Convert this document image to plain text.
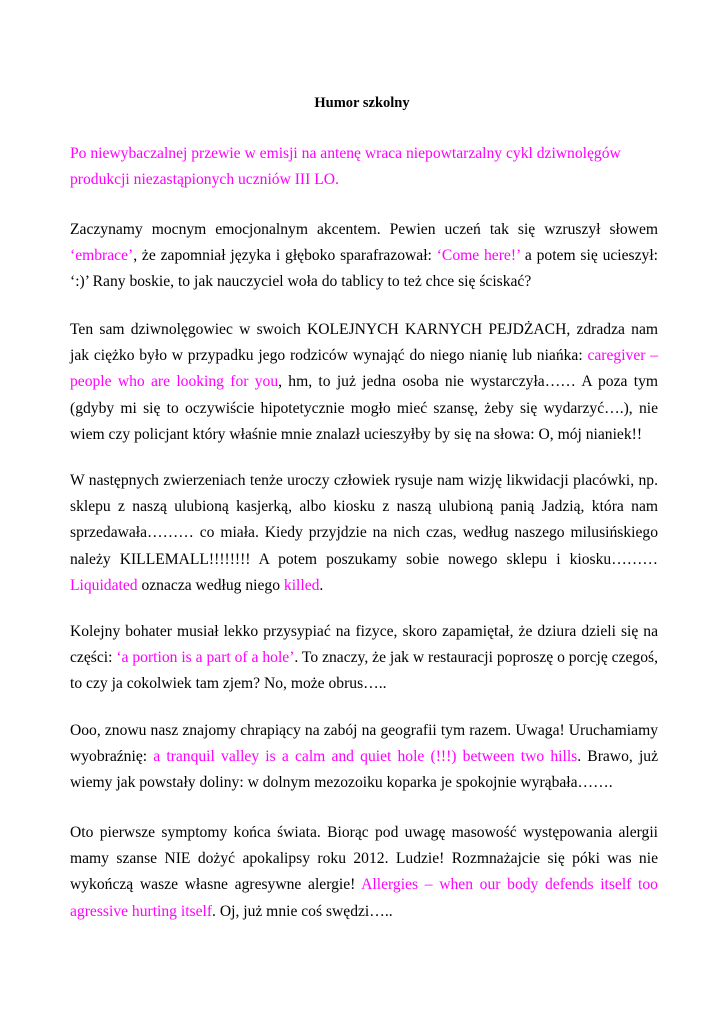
Humor szkolny

Po niewybaczalnej przewie w emisji na antenę wraca niepowtarzalny cykl dziwnolęgów produkcji niezastąpionych uczniów III LO.

Zaczynamy mocnym emocjonalnym akcentem. Pewien uczeń tak się wzruszył słowem ‘embrace’, że zapomniał języka i głęboko sparafrazował: ‘Come here!’ a potem się ucieszył: ‘:)’ Rany boskie, to jak nauczyciel woła do tablicy to też chce się ściskać?

Ten sam dziwnolęgowiec w swoich KOLEJNYCH KARNYCH PEJDŻACH, zdradza nam jak ciężko było w przypadku jego rodziców wynająć do niego nianię lub niańka: caregiver – people who are looking for you, hm, to już jedna osoba nie wystarczyła…… A poza tym (gdyby mi się to oczywiście hipotetycznie mogło mieć szansę, żeby się wydarzyć….), nie wiem czy policjant który właśnie mnie znalazł ucieszyłby by się na słowa: O, mój nianiek!!

W następnych zwierzeniach tenże uroczy człowiek rysuje nam wizję likwidacji placówki, np. sklepu z naszą ulubioną kasjerką, albo kiosku z naszą ulubioną panią Jadzią, która nam sprzedawała……… co miała. Kiedy przyjdzie na nich czas, według naszego milusińskiego należy KILLEMALL!!!!!!!! A potem poszukamy sobie nowego sklepu i kiosku……… Liquidated oznacza według niego killed.

Kolejny bohater musiał lekko przysypiać na fizyce, skoro zapamiętał, że dziura dzieli się na części: ‘a portion is a part of a hole’. To znaczy, że jak w restauracji poproszę o porcję czegoś, to czy ja cokolwiek tam zjem? No, może obrus…..

Ooo, znowu nasz znajomy chrapiący na zabój na geografii tym razem. Uwaga! Uruchamiamy wyobraźnię: a tranquil valley is a calm and quiet hole (!!!) between two hills. Brawo, już wiemy jak powstały doliny: w dolnym mezozoiku koparka je spokojnie wyrąbała…….

Oto pierwsze symptomy końca świata. Biorąc pod uwagę masowość występowania alergii mamy szanse NIE dożyć apokalipsy roku 2012. Ludzie! Rozmnażajcie się póki was nie wykończą wasze własne agresywne alergie! Allergies – when our body defends itself too agressive hurting itself. Oj, już mnie coś swędzi…..
